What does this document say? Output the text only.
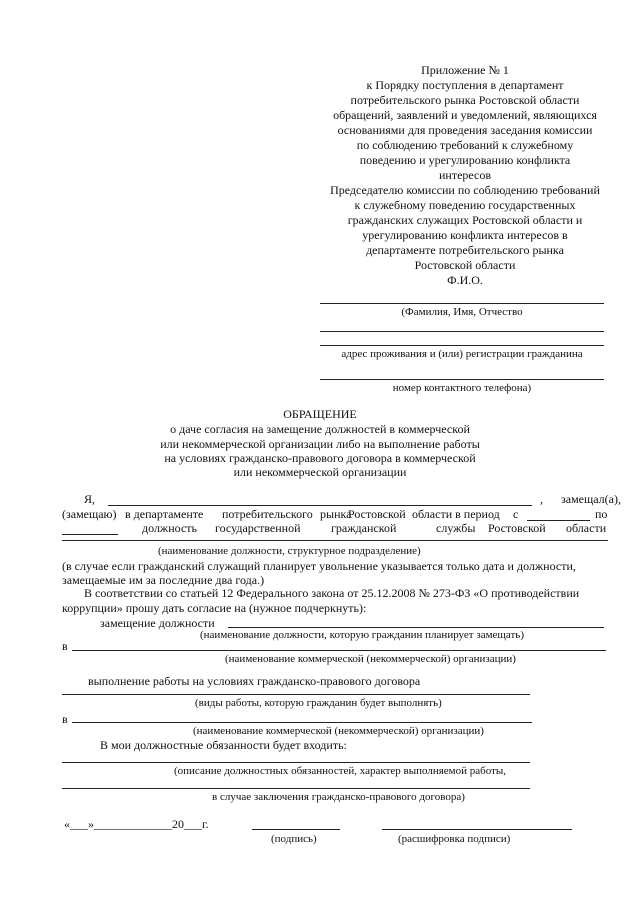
Приложение № 1
к Порядку поступления в департамент
потребительского рынка Ростовской области
обращений, заявлений и уведомлений, являющихся
основаниями для проведения заседания комиссии
по соблюдению требований к служебному
поведению и урегулированию конфликта
интересов
Председателю комиссии по соблюдению требований
к служебному поведению государственных
гражданских служащих Ростовской области и
урегулированию конфликта интересов в
департаменте потребительского рынка
Ростовской области
Ф.И.О.
(Фамилия, Имя, Отчество
адрес проживания и (или) регистрации гражданина
номер контактного телефона)
ОБРАЩЕНИЕ
о даче согласия на замещение должностей в коммерческой
или некоммерческой организации либо на выполнение работы
на условиях гражданско-правового договора в коммерческой
или некоммерческой организации
Я,	, замещал(а),
(замещаю) в департаменте потребительского рынка
Ростовской области в период с	по
должность государственной	гражданской	службы Ростовской области
(наименование должности, структурное подразделение)
(в случае если гражданский служащий планирует увольнение указывается только дата и должности,
замещаемые им за последние два года.)
В соответствии со статьей 12 Федерального закона от 25.12.2008 № 273-ФЗ «О противодействии
коррупции» прошу дать согласие на (нужное подчеркнуть):
замещение должности
(наименование должности, которую гражданин планирует замещать)
в
(наименование коммерческой (некоммерческой) организации)
выполнение работы на условиях гражданско-правового договора
(виды работы, которую гражданин будет выполнять)
в
(наименование коммерческой (некоммерческой) организации)
В мои должностные обязанности будет входить:
(описание должностных обязанностей, характер выполняемой работы,
в случае заключения гражданско-правового договора)
«___»_____________20___г.
(подпись)	(расшифровка подписи)
